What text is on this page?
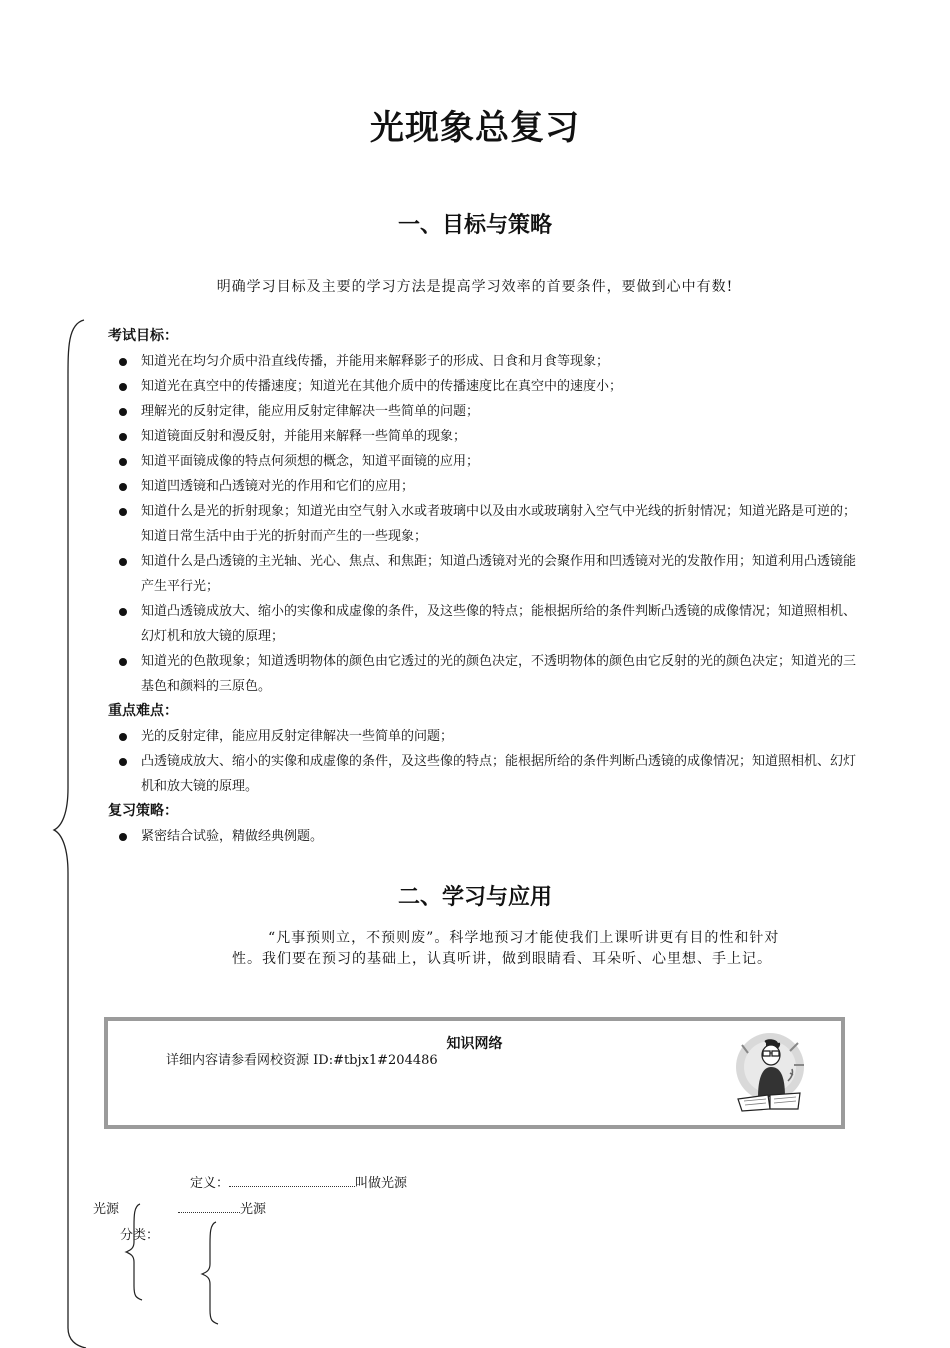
光现象总复习
一、目标与策略
明确学习目标及主要的学习方法是提高学习效率的首要条件，要做到心中有数!
考试目标：
知道光在均匀介质中沿直线传播，并能用来解释影子的形成、日食和月食等现象；
知道光在真空中的传播速度；知道光在其他介质中的传播速度比在真空中的速度小；
理解光的反射定律，能应用反射定律解决一些简单的问题；
知道镜面反射和漫反射，并能用来解释一些简单的现象；
知道平面镜成像的特点何须想的概念，知道平面镜的应用；
知道凹透镜和凸透镜对光的作用和它们的应用；
知道什么是光的折射现象；知道光由空气射入水或者玻璃中以及由水或玻璃射入空气中光线的折射情况；知道光路是可逆的；知道日常生活中由于光的折射而产生的一些现象；
知道什么是凸透镜的主光轴、光心、焦点、和焦距；知道凸透镜对光的会聚作用和凹透镜对光的发散作用；知道利用凸透镜能产生平行光；
知道凸透镜成放大、缩小的实像和成虚像的条件，及这些像的特点；能根据所给的条件判断凸透镜的成像情况；知道照相机、幻灯机和放大镜的原理；
知道光的色散现象；知道透明物体的颜色由它透过的光的颜色决定，不透明物体的颜色由它反射的光的颜色决定；知道光的三基色和颜料的三原色。
重点难点：
光的反射定律，能应用反射定律解决一些简单的问题；
凸透镜成放大、缩小的实像和成虚像的条件，及这些像的特点；能根据所给的条件判断凸透镜的成像情况；知道照相机、幻灯机和放大镜的原理。
复习策略：
紧密结合试验，精做经典例题。
二、学习与应用
“凡事预则立，不预则废”。科学地预习才能使我们上课听讲更有目的性和针对
性。我们要在预习的基础上，认真听讲，做到眼睛看、耳朵听、心里想、手上记。
知识网络
详细内容请参看网校资源 ID:#tbjx1#204486
定义：	叫做光源
光源	光源
分类：
